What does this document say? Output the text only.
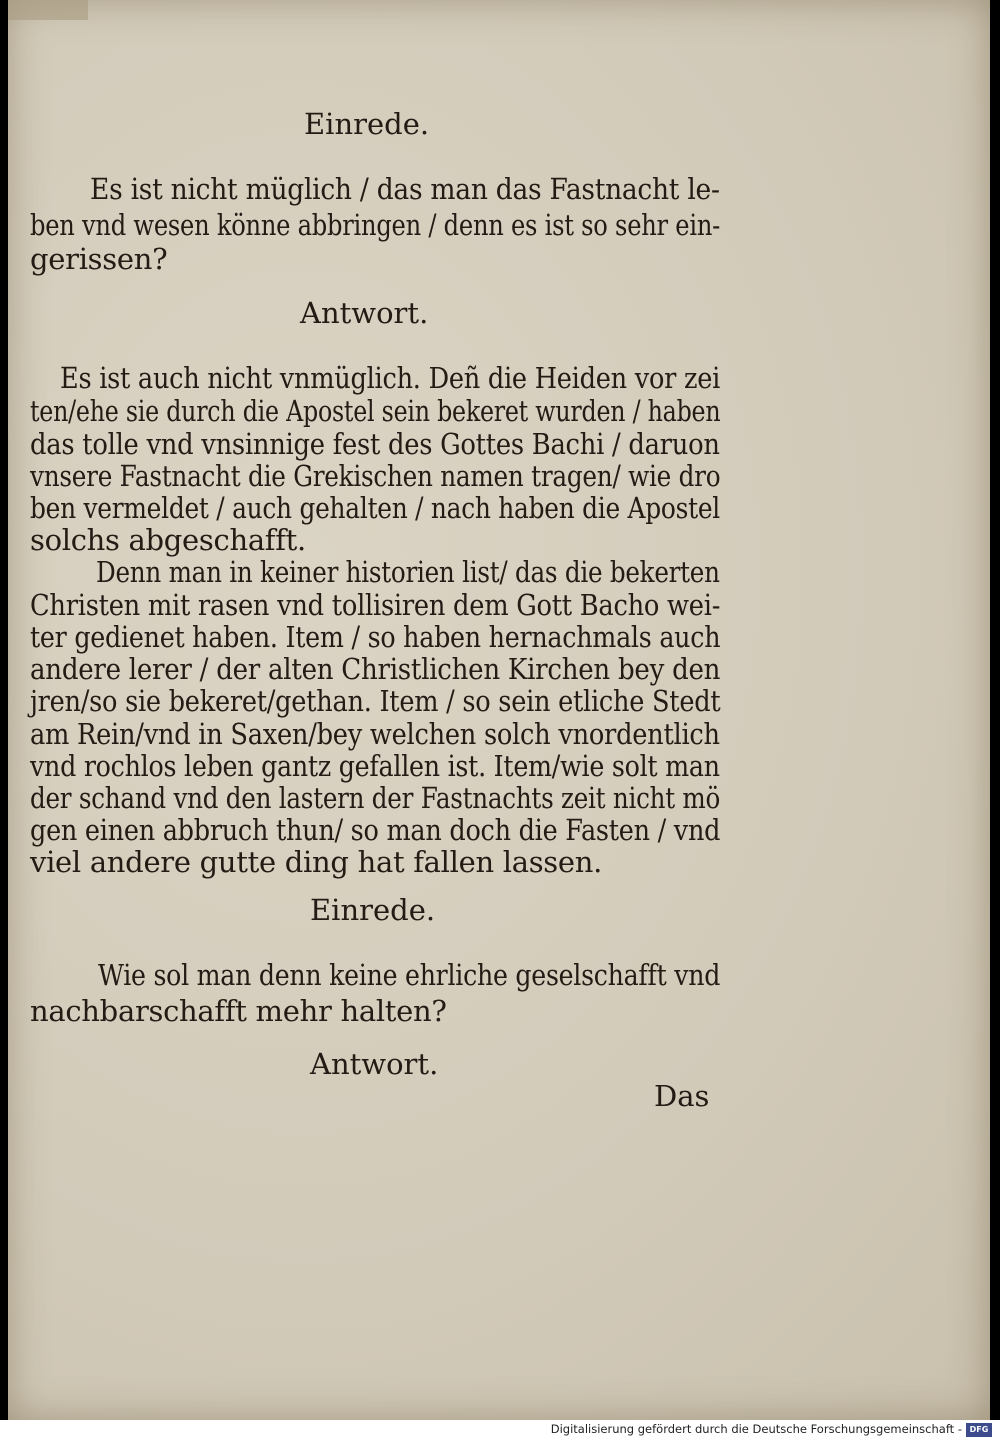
Einrede.
Es ist nicht müglich / das man das Fastnacht le-
ben vnd wesen könne abbringen / denn es ist so sehr ein-
gerissen?
Antwort.
Es ist auch nicht vnmüglich. Deñ die Heiden vor zei
ten/ehe sie durch die Apostel sein bekeret wurden / haben
das tolle vnd vnsinnige fest des Gottes Bachi / daruon
vnsere Fastnacht die Grekischen namen tragen/ wie dro
ben vermeldet / auch gehalten / nach haben die Apostel
solchs abgeschafft.
Denn man in keiner historien list/ das die bekerten
Christen mit rasen vnd tollisiren dem Gott Bacho wei-
ter gedienet haben. Item / so haben hernachmals auch
andere lerer / der alten Christlichen Kirchen bey den
jren/so sie bekeret/gethan. Item / so sein etliche Stedt
am Rein/vnd in Saxen/bey welchen solch vnordentlich
vnd rochlos leben gantz gefallen ist. Item/wie solt man
der schand vnd den lastern der Fastnachts zeit nicht mö
gen einen abbruch thun/ so man doch die Fasten / vnd
viel andere gutte ding hat fallen lassen.
Einrede.
Wie sol man denn keine ehrliche geselschafft vnd
nachbarschafft mehr halten?
Antwort.
Das
Digitalisierung gefördert durch die Deutsche Forschungsgemeinschaft - DFG
